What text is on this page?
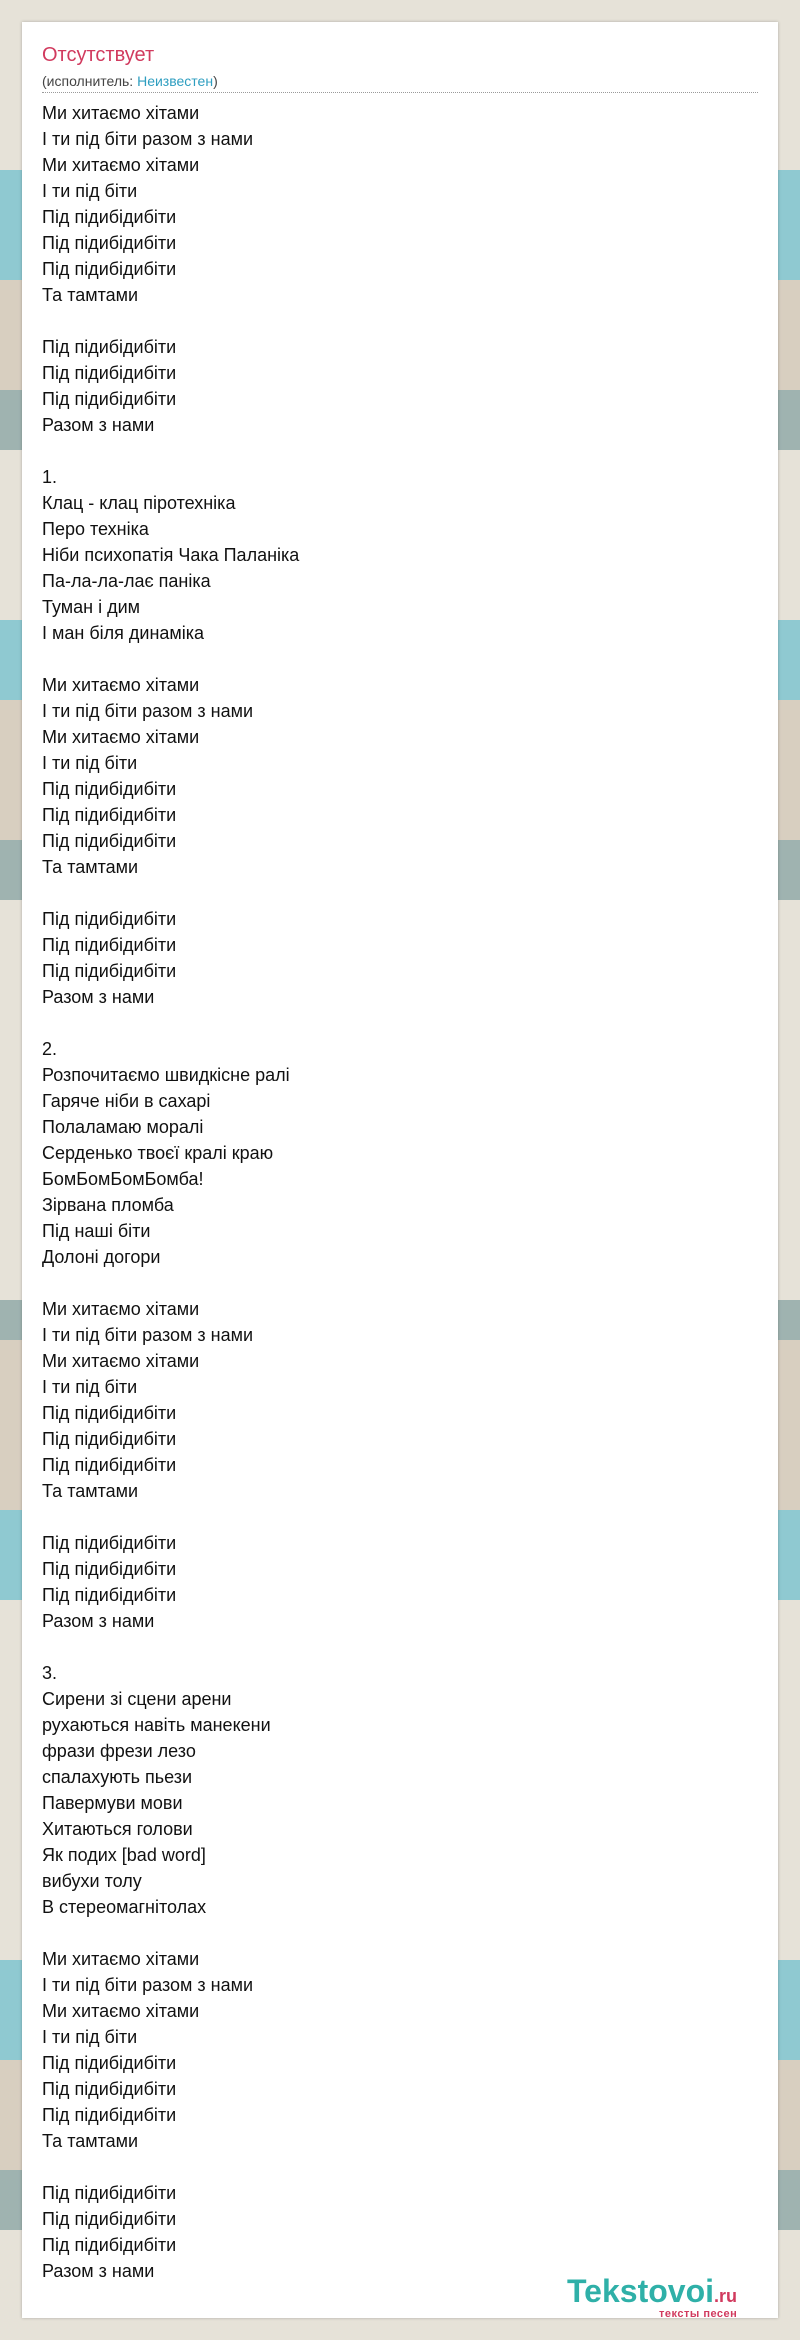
Отсутствует
(исполнитель: Неизвестен)
Ми хитаємо хітами
І ти під біти разом з нами
Ми хитаємо хітами
І ти під біти
Під підибідибіти
Під підибідибіти
Під підибідибіти
Та тамтами
Під підибідибіти
Під підибідибіти
Під підибідибіти
Разом з нами
1.
Клац - клац піротехніка
Перо техніка
Ніби психопатія Чака Паланіка
Па-ла-ла-лає паніка
Туман і дим
І ман біля динаміка
Ми хитаємо хітами
І ти під біти разом з нами
Ми хитаємо хітами
І ти під біти
Під підибідибіти
Під підибідибіти
Під підибідибіти
Та тамтами
Під підибідибіти
Під підибідибіти
Під підибідибіти
Разом з нами
2.
Розпочитаємо швидкісне ралі
Гаряче ніби в сахарі
Полаламаю моралі
Серденько твоєї кралі краю
БомБомБомБомба!
Зірвана пломба
Під наші біти
Долоні догори
Ми хитаємо хітами
І ти під біти разом з нами
Ми хитаємо хітами
І ти під біти
Під підибідибіти
Під підибідибіти
Під підибідибіти
Та тамтами
Під підибідибіти
Під підибідибіти
Під підибідибіти
Разом з нами
3.
Сирени зі сцени арени
рухаються навіть манекени
фрази фрези лезо
спалахують пьези
Павермуви мови
Хитаються голови
Як подих [bad word]
вибухи толу
В стереомагнітолах
Ми хитаємо хітами
І ти під біти разом з нами
Ми хитаємо хітами
І ти під біти
Під підибідибіти
Під підибідибіти
Під підибідибіти
Та тамтами
Під підибідибіти
Під підибідибіти
Під підибідибіти
Разом з нами
Tekstovoi.ru
тексты песен
